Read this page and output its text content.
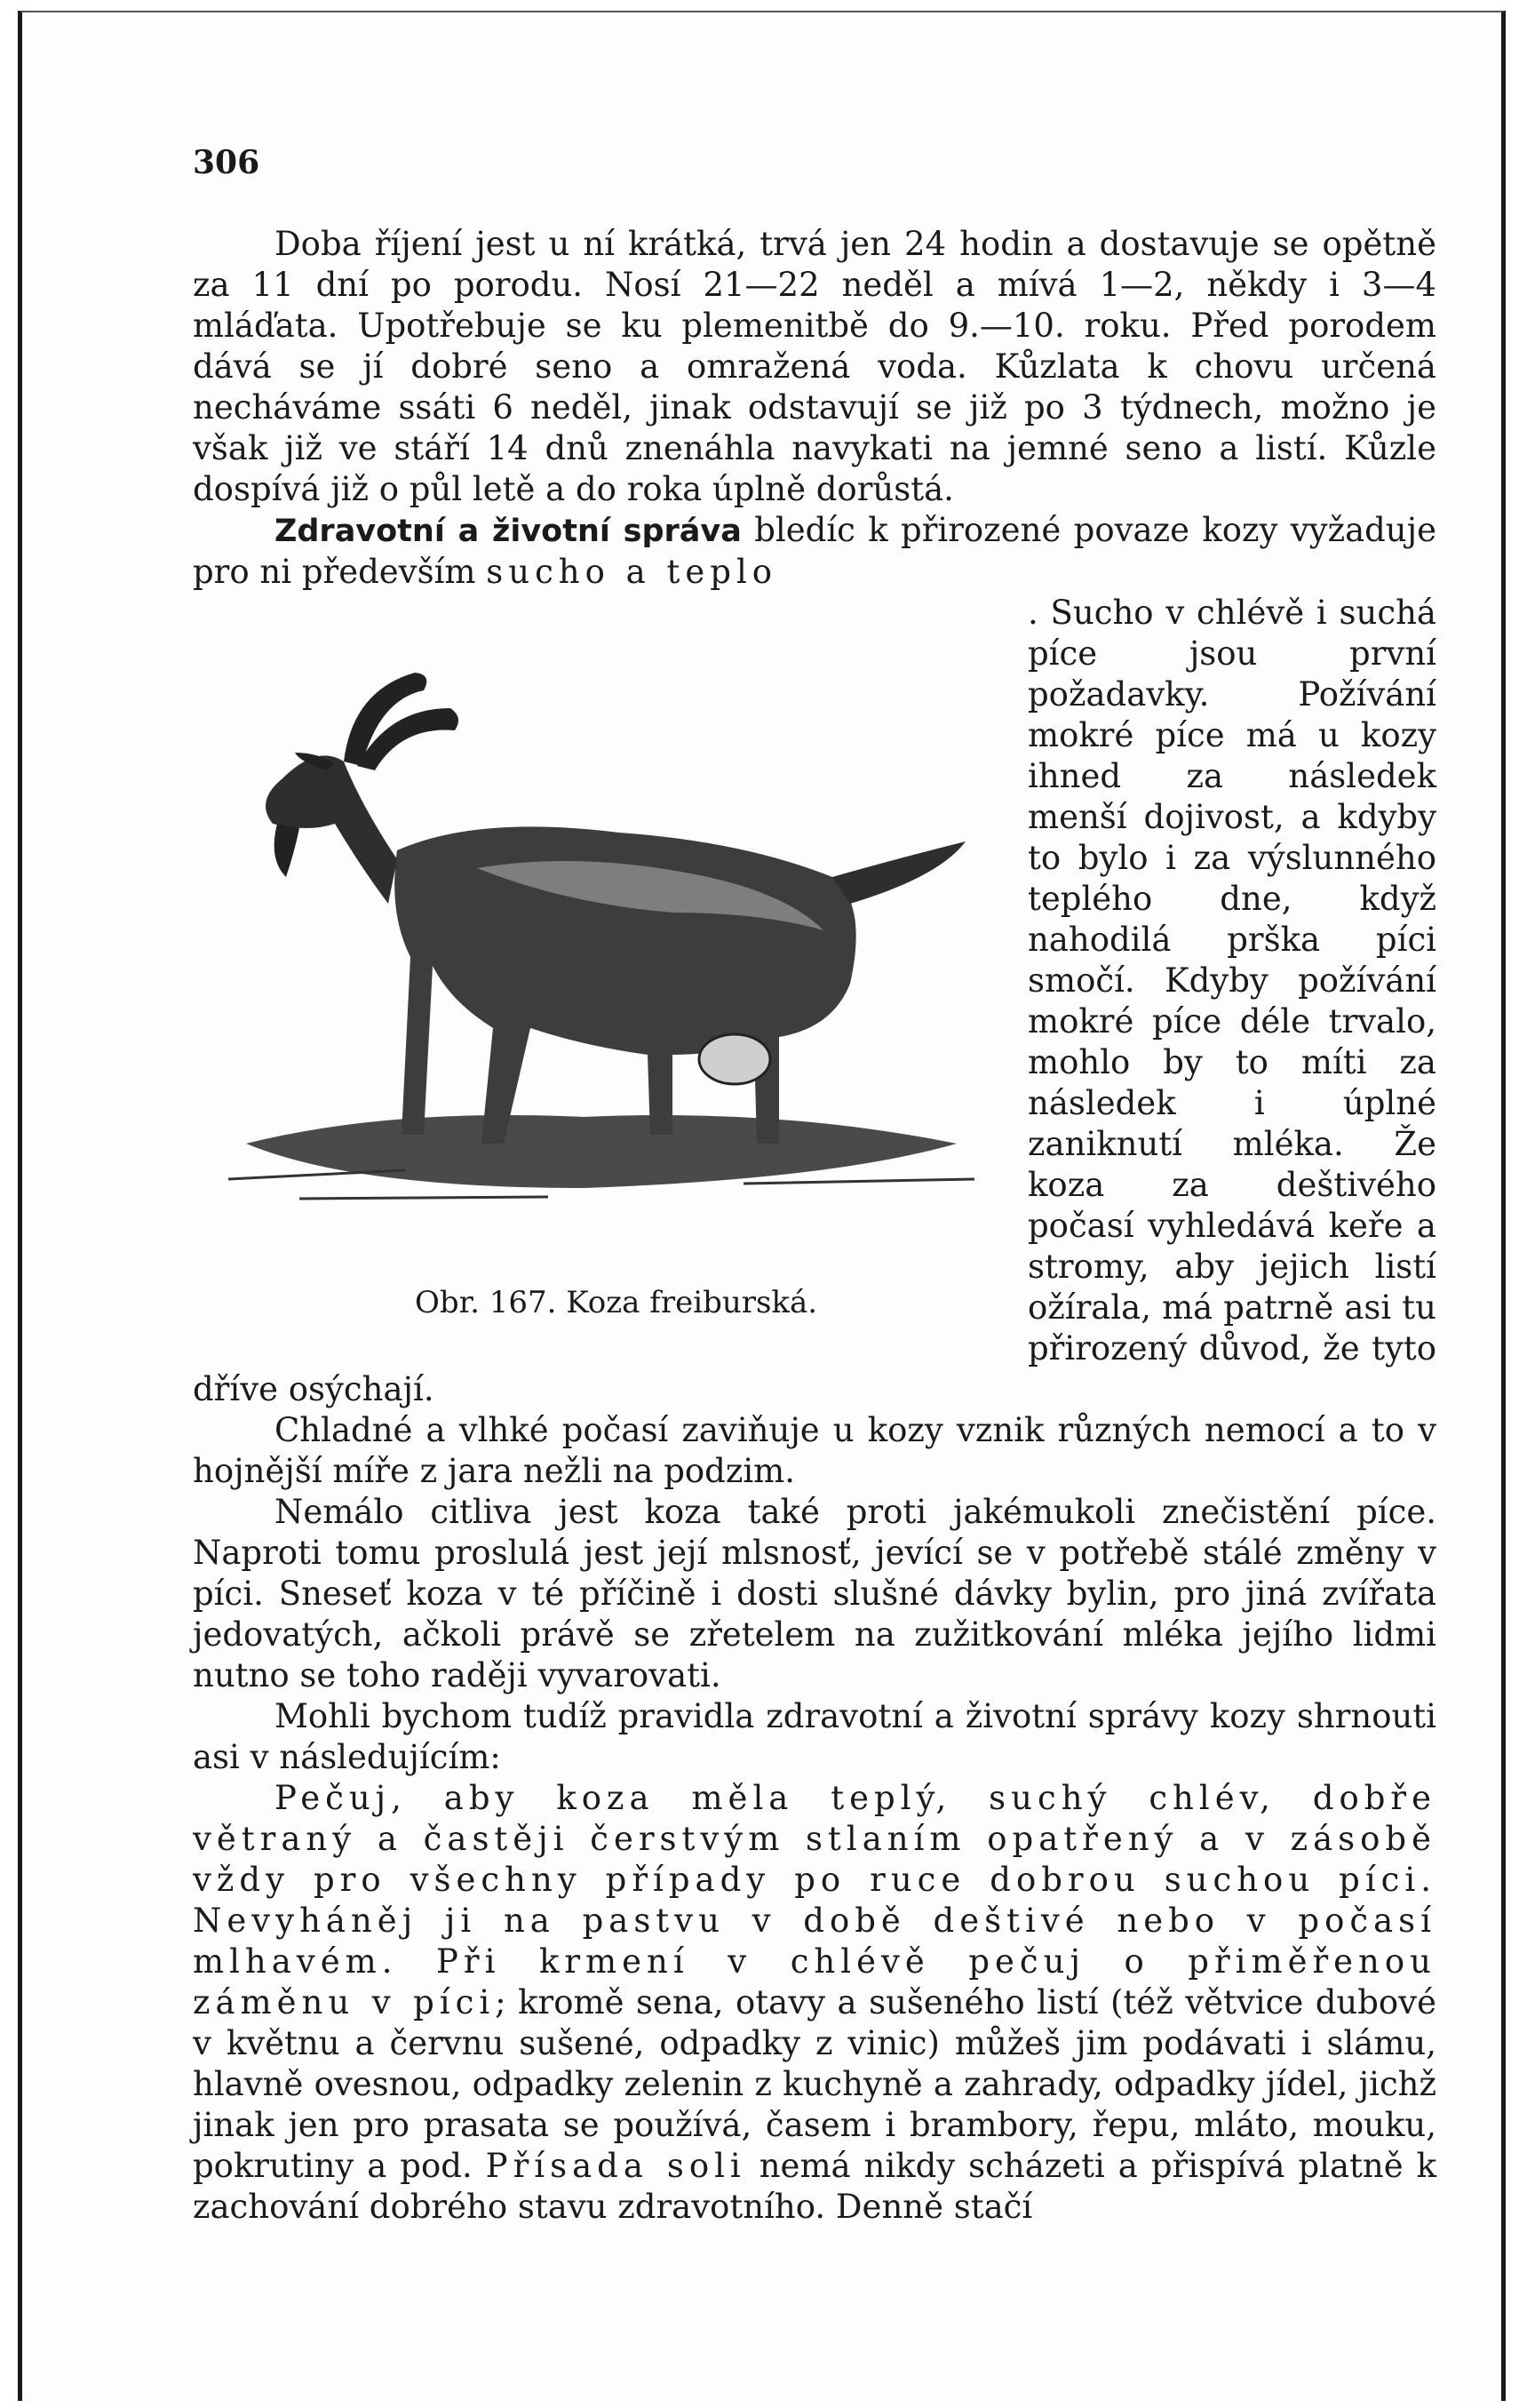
306

Doba říjení jest u ní krátká, trvá jen 24 hodin a dostavuje se opětně za 11 dní po porodu. Nosí 21—22 neděl a mívá 1—2, někdy i 3—4 mláďata. Upotřebuje se ku plemenitbě do 9.—10. roku. Před porodem dává se jí dobré seno a omražená voda. Kůzlata k chovu určená necháváme ssáti 6 neděl, jinak odstavují se již po 3 týdnech, možno je však již ve stáří 14 dnů znenáhla navykati na jemné seno a listí. Kůzle dospívá již o půl letě a do roka úplně dorůstá.

Zdravotní a životní správa bledíc k přirozené povaze kozy vyžaduje pro ni především sucho a teplo

Obr. 167. Koza freiburská.

. Sucho v chlévě i suchá píce jsou první požadavky. Požívání mokré píce má u kozy ihned za následek menší dojivost, a kdyby to bylo i za výslunného teplého dne, když nahodilá prška píci smočí. Kdyby požívání mokré píce déle trvalo, mohlo by to míti za následek i úplné zaniknutí mléka. Že koza za deštivého počasí vyhledává keře a stromy, aby jejich listí ožírala, má patrně asi tu přirozený důvod, že tyto dříve osýchají.

Chladné a vlhké počasí zaviňuje u kozy vznik různých nemocí a to v hojnější míře z jara nežli na podzim.

Nemálo citliva jest koza také proti jakémukoli znečistění píce. Naproti tomu proslulá jest její mlsnosť, jevící se v potřebě stálé změny v píci. Sneseť koza v té příčině i dosti slušné dávky bylin, pro jiná zvířata jedovatých, ačkoli právě se zřetelem na zužitkování mléka jejího lidmi nutno se toho raději vyvarovati.

Mohli bychom tudíž pravidla zdravotní a životní správy kozy shrnouti asi v následujícím:

Pečuj, aby koza měla teplý, suchý chlév, dobře větraný a častěji čerstvým stlaním opatřený a v zásobě vždy pro všechny případy po ruce dobrou suchou píci. Nevyháněj ji na pastvu v době deštivé nebo v počasí mlhavém. Při krmení v chlévě pečuj o přiměřenou záměnu v píci; kromě sena, otavy a sušeného listí (též větvice dubové v květnu a červnu sušené, odpadky z vinic) můžeš jim podávati i slámu, hlavně ovesnou, odpadky zelenin z kuchyně a zahrady, odpadky jídel, jichž jinak jen pro prasata se používá, časem i brambory, řepu, mláto, mouku, pokrutiny a pod. Přísada soli nemá nikdy scházeti a přispívá platně k zachování dobrého stavu zdravotního. Denně stačí
